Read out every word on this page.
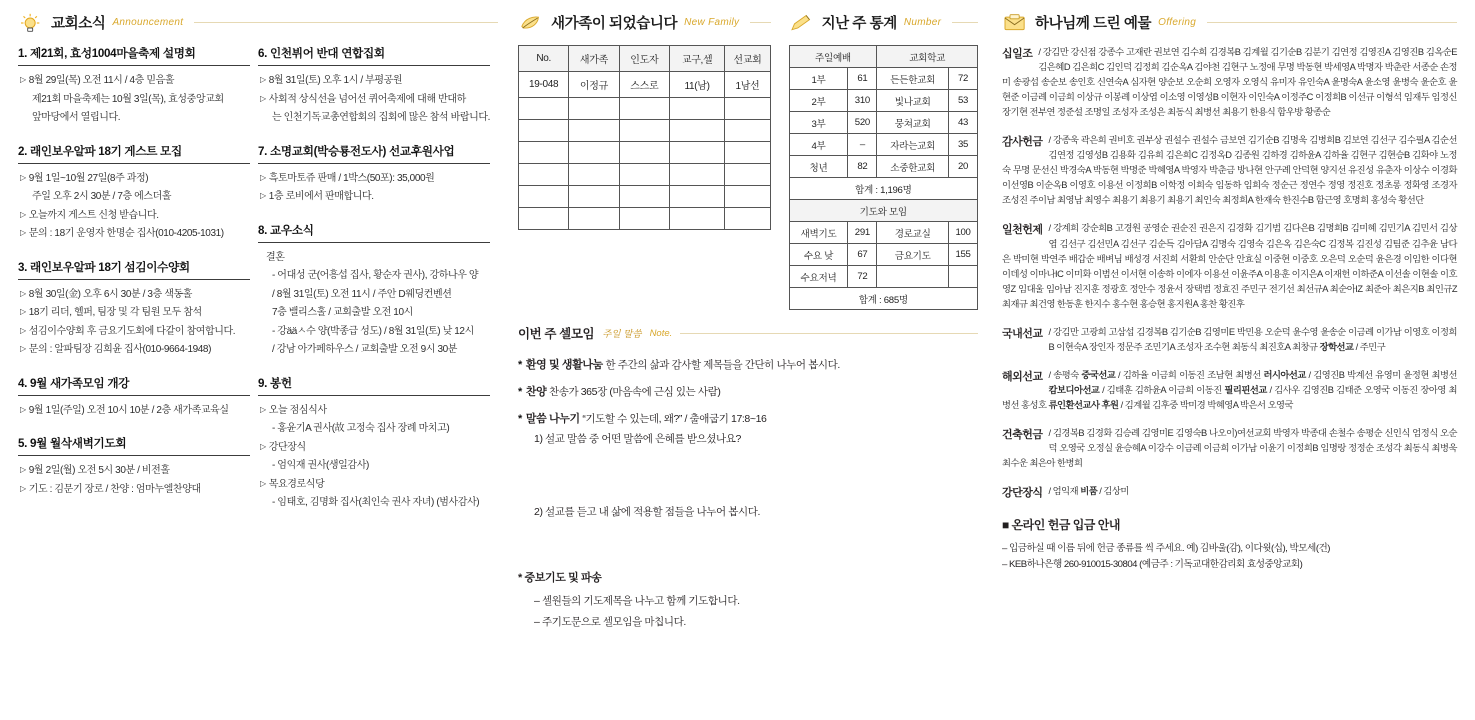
교회소식 Announcement
1. 제21회, 효성1004마을축제 설명회
▷ 8월 29일(목) 오전 11시 / 4층 믿음홀
제21회 마을축제는 10월 3일(목), 효성중앙교회
앞마당에서 열립니다.
2. 래인보우알파 18기 게스트 모집
▷ 9월 1일~10월 27일(8주 과정)
주일 오후 2시 30분 / 7층 에스더홀
▷ 오늘까지 게스트 신청 받습니다.
▷ 문의 : 18기 운영자 한명순 집사(010-4205-1031)
3. 래인보우알파 18기 섬김이수양회
▷ 8월 30일(金) 오후 6시 30분 / 3층 색동홀
▷ 18기 리더, 헬퍼, 팀장 및 각 팀원 모두 참석
▷ 섬김이수양회 후 금요기도회에 다같이 참여합니다.
▷ 문의 : 알파팀장 김희윤 집사(010-9664-1948)
4. 9월 새가족모임 개강
▷ 9월 1일(주일) 오전 10시 10분 / 2층 새가족교육실
5. 9월 월삭새벽기도회
▷ 9월 2일(월) 오전 5시 30분 / 비전홀
▷ 기도 : 김문기 장로 / 찬양 : 엄마누엘찬양대
6. 인천뷔어 반대 연합집회
▷ 8월 31일(토) 오후 1시 / 부평공원
▷ 사회적 상식선을 넘어선 퀴어축제에 대해 반대하
는 인천기독교총연합회의 집회에 많은 참석 바랍니다.
7. 소명교회(박승룡전도사) 선교후원사업
▷ 흑토마토쥬 판매 / 1박스(50포): 35,000원
▷ 1층 로비에서 판매합니다.
8. 교우소식
결혼
- 어대성 군(어흥섭 집사, 황순자 권사), 강하나우 양
/ 8월 31일(토) 오전 11시 / 주안 D웨딩컨벤션
7층 밸리스홀 / 교회출발 오전 10시
- 강ääㅅ수 양(박종급 성도) / 8월 31일(토) 낮 12시
/ 강남 아가페하우스 / 교회출발 오전 9시 30분
9. 봉헌
▷ 오늘 점심식사
- 홍윤기A 권사(故 고정숙 집사 장례 마치고)
▷ 강단장식
- 엄익재 권사(생일감사)
▷ 목요경로식당
- 임태호, 김명화 집사(최인숙 권사 자녀) (범사감사)
새가족이 되었습니다 New Family
No.	새가족	인도자	교구,셀	선교회
19-048	이정규	스스로	11(남)	1남선

지난 주 통계 Number
주일예배		교회학교	
1부	61	든든한교회	72
2부	310	빛나교회	53
3부	520	뭉쳐교회	43
4부	–	자라는교회	35
청년	82	소중한교회	20
합계 : 1,196명			
기도와 모임			
새벽기도	291	경로교실	100
수요 낮	67	금요기도	155
수요저녁	72		
합계 : 685명			
이번 주 셀모임 주일 말씀 Note.
* 환영 및 생활나눔 한 주간의 삶과 감사할 제목들을 간단히 나누어 봅시다.
* 찬양 찬송가 365장 (마음속에 근심 있는 사람)
* 말씀 나누기 “기도할 수 있는데, 왜?” / 출애굽기 17:8~16
1) 설교 말씀 중 어떤 말씀에 은혜를 받으셨나요?
2) 설교를 듣고 내 삶에 적용할 점들을 나누어 봅시다.
* 중보기도 및 파송
– 셀원들의 기도제목을 나누고 함께 기도합니다.
– 주기도문으로 셀모임을 마칩니다.
하나님께 드린 예물 Offering
십일조 / 강김만 강신점 강종수 고재란 권보연 김수희 김경복B 김계월 김기순B 김분기 김연정 김영진A 김영진B 김옥순E 김은혜D 김은희C 김인덕 김정희 김순옥A 김야천 김현구 노정애 무명 박동현 박세영A 박명자 박춘란 서종순 손정미 송광섭 송순보 송인호 신연숙A 심자현 양순보 오순희 오영자 오영식 유미자 유인숙A 윤명숙A 윤소영 윤병숙 윤순호 윤현준 이금례 이금희 이상규 이봉례 이상엽 이소영 이영성B 이현자 이인숙A 이정주C 이정희B 이선규 이형석 임재두 임정신 장기현 전부연 정준설 조명일 조성자 조성은 최동식 최병선 최용기 한용식 함우방 황종순
감사헌금 / 강종욱 곽은희 권비호 권부상 권설수 권설수 금보연 김기순B 김명욱 김병희B 김보연 김선구 김수필A 김순선 김연정 김영성B 김용화 김유희 김은희C 김정옥D 김종원 김하경 김하윤A 김하율 김현구 김현승B 김화야 노정숙 무명 문선신 박경숙A 박동현 박명준 박혜영A 박영자 박춘금 방나현 안구례 안덕현 양지선 유진성 유춘자 이상수 이경화 이선영B 이순옥B 이영호 이용선 이정희B 이학정 이희숙 임동하 임희숙 정순근 정연수 정영 정진호 정초롱 정화영 조경자 조성진 주이남 최영남 최영수 최용기 최용기 최용기 최인숙 최정희A 한재숙 한진수B 함근영 호명희 홍성숙 황선단
일천헌제 / 강계희 강순희B 고경원 공영순 권순진 권은지 김경화 김기범 김다은B 김명희B 김미혜 김민기A 김민서 김상엽 김선구 김선민A 김선구 김순득 김아담A 김명숙 김영숙 김은옥 김은숙C 김정복 김진성 김팀준 김추윤 남다은 박미현 박연주 배갑순 배벼님 배성경 서진희 서환희 안순단 안효실 이중현 이중호 오은덕 오순덕 윤은경 이임한 이다현 이데성 이마나IC 이미화 이범선 이서현 이송하 이에자 이용선 이윤주A 이용훈 이지은A 이재헌 이하준A 이선솔 이현솔 이호영Z 임대울 임아남 진지훈 정광호 정안수 정윤서 장택범 정효진 주민구 전기선 최선규A 최순아IZ 최준아 최은지B 최인규Z 최재규 최건영 한동훈 한지수 홍수현 홍승현 홍지원A 홍찬 황진후
국내선교 / 강김만 고광희 고삼섭 김경복B 김기순B 김영미E 박민용 오순덕 윤수영 윤송순 이금례 이가남 이영호 이정희B 이현숙A 장인자 정문주 조민기A 조성자 조수현 최동식 최진호A 최창규 장학선교 / 주민구
해외선교 / 송평숙 중국선교 / 김하율 이금희 이동진 조남현 최병선 러시아선교 / 김영진B 박계선 유영미 윤정현 최병선 캄보디아선교 / 김태훈 김하윤A 이금희 이동진 필리핀선교 / 김사우 김영진B 김태준 오영국 이동진 장아영 최병선 홍성호 류인환선교사 후원 / 김계월 김후중 박미경 박혜영A 박은서 오영국
건축헌금 / 김경복B 김경화 김승례 김영미E 김영숙B 나오이)여선교회 박영자 박종대 손철수 송평순 신인식 엄정식 오순덕 오영국 오정실 윤승혜A 이강수 이금례 이금희 이가남 이윤기 이정희B 임명랑 정정순 조성각 최동식 최병욱 최수운 최은아 한병희
강단장식 / 엄익재 비품 / 김상미
■ 온라인 헌금 입금 안내
– 입금하실 때 이름 뒤에 헌금 종류를 씩 주세요. 예) 김바울(감), 이다윗(십), 박모세(건)
– KEB하나은행 260-910015-30804 (예금주 : 기독교대한감리회 효성중앙교회)
